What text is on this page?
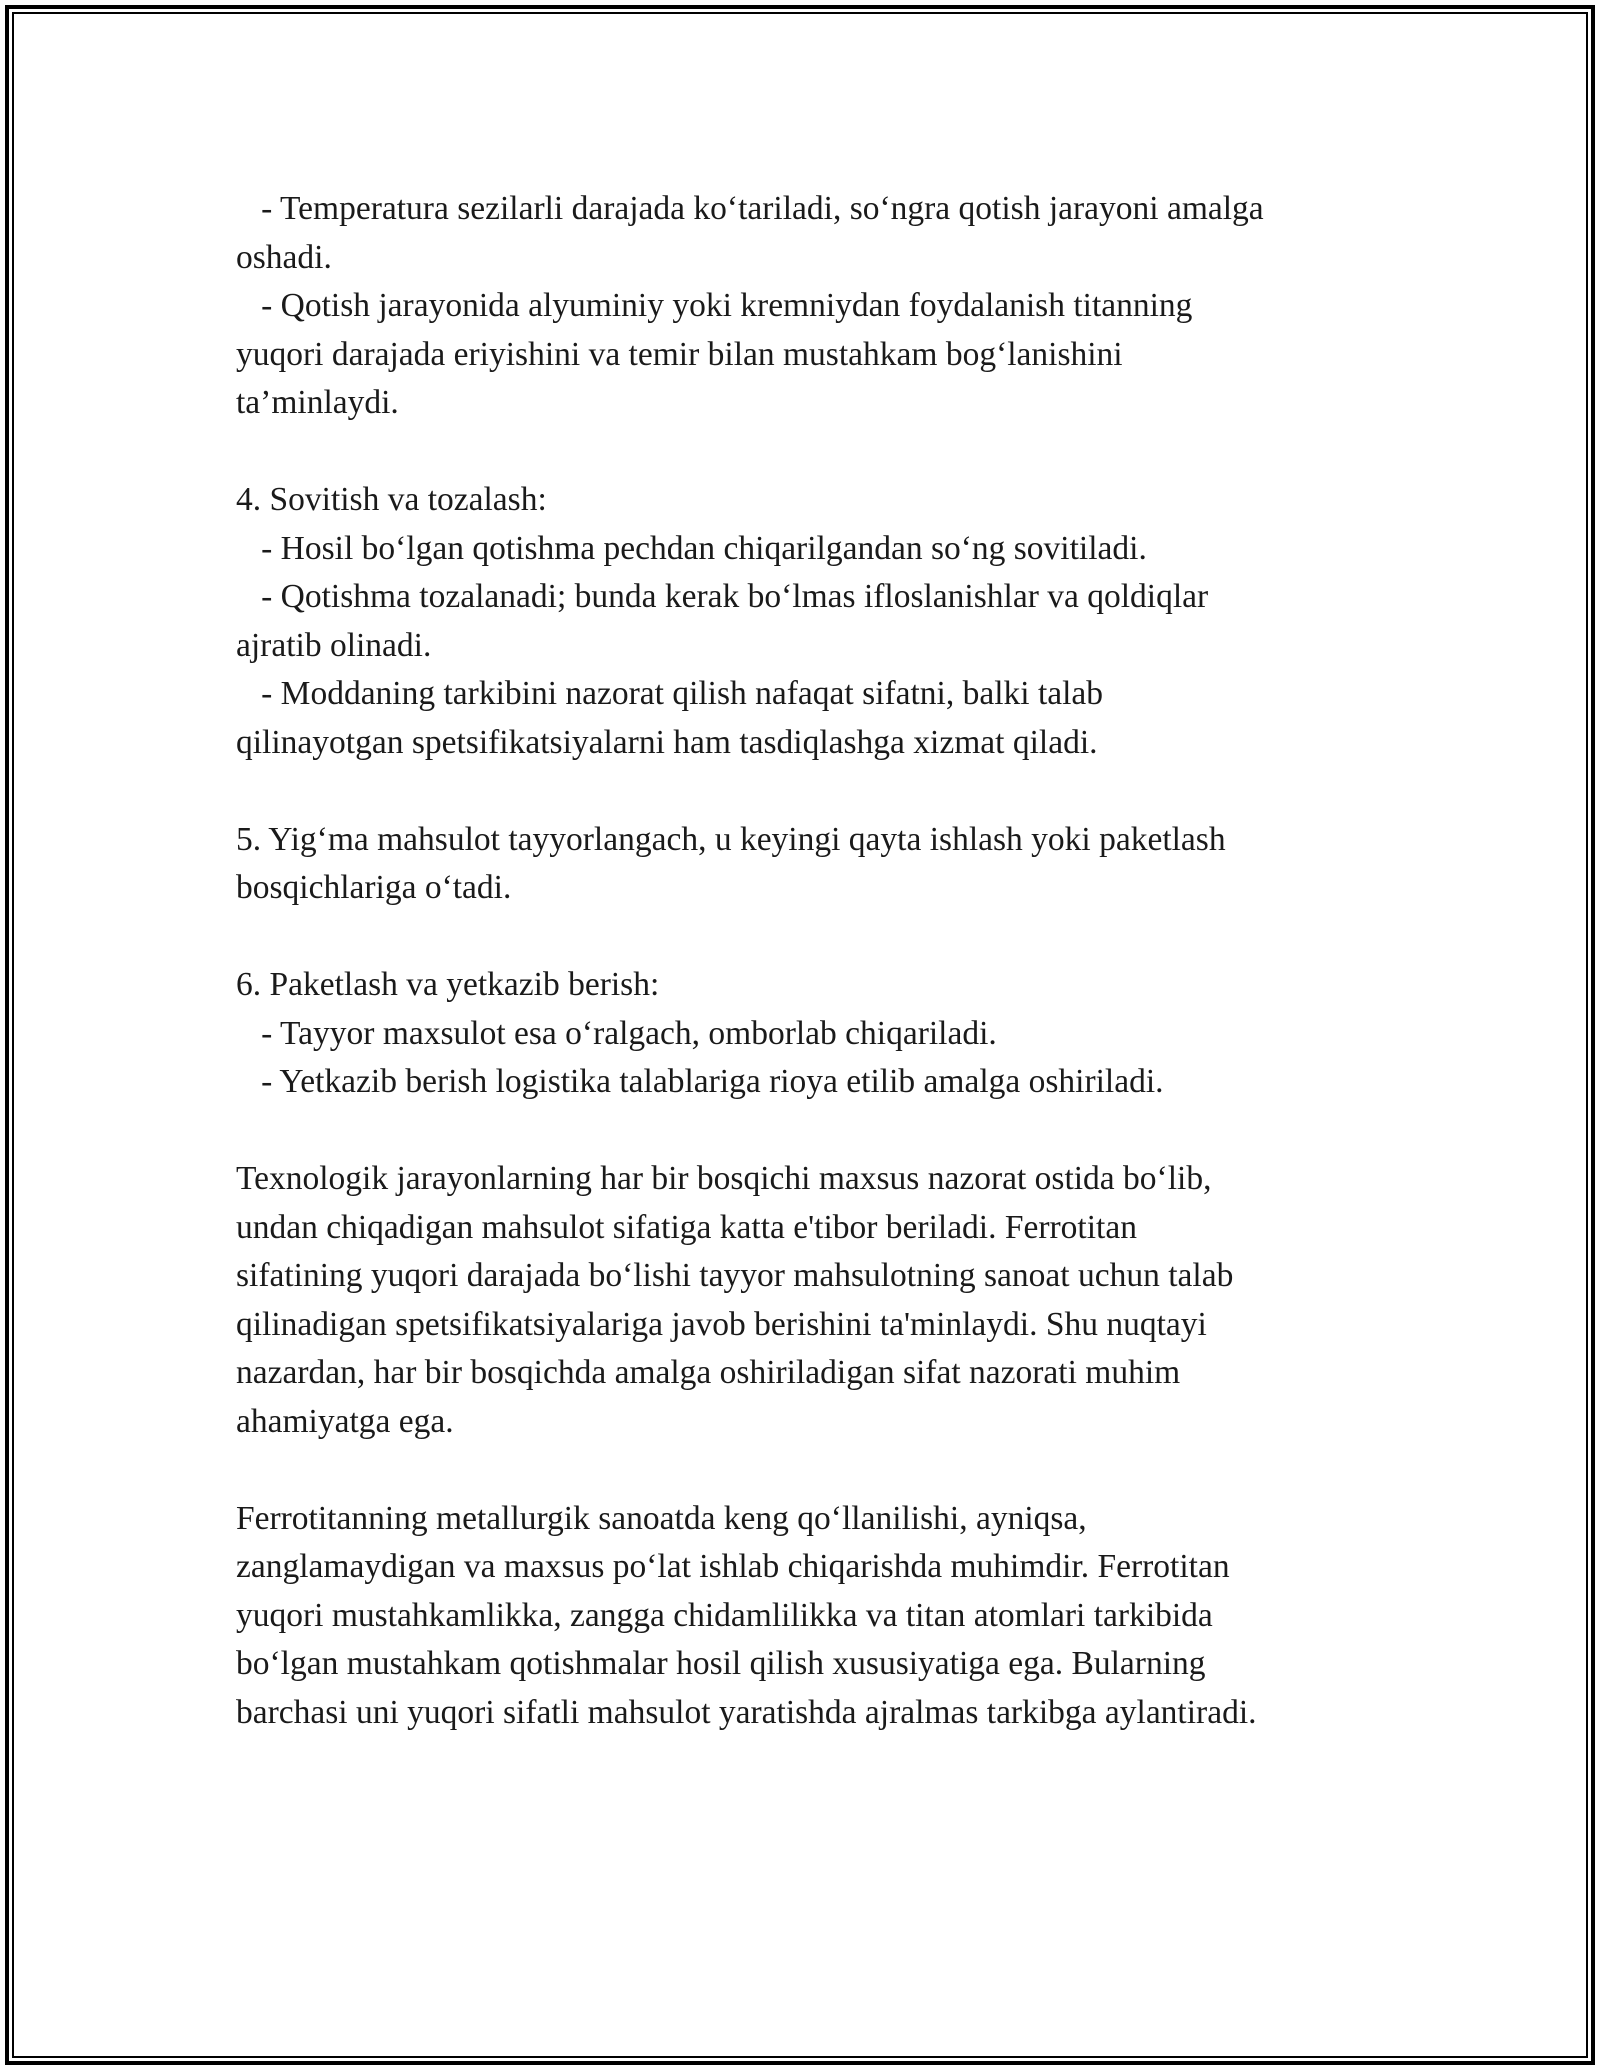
- Temperatura sezilarli darajada ko‘tariladi, so‘ngra qotish jarayoni amalga
oshadi.
- Qotish jarayonida alyuminiy yoki kremniydan foydalanish titanning
yuqori darajada eriyishini va temir bilan mustahkam bog‘lanishini
ta’minlaydi.
4. Sovitish va tozalash:
- Hosil bo‘lgan qotishma pechdan chiqarilgandan so‘ng sovitiladi.
- Qotishma tozalanadi; bunda kerak bo‘lmas ifloslanishlar va qoldiqlar
ajratib olinadi.
- Moddaning tarkibini nazorat qilish nafaqat sifatni, balki talab
qilinayotgan spetsifikatsiyalarni ham tasdiqlashga xizmat qiladi.
5. Yig‘ma mahsulot tayyorlangach, u keyingi qayta ishlash yoki paketlash
bosqichlariga o‘tadi.
6. Paketlash va yetkazib berish:
- Tayyor maxsulot esa o‘ralgach, omborlab chiqariladi.
- Yetkazib berish logistika talablariga rioya etilib amalga oshiriladi.
Texnologik jarayonlarning har bir bosqichi maxsus nazorat ostida bo‘lib,
undan chiqadigan mahsulot sifatiga katta e'tibor beriladi. Ferrotitan
sifatining yuqori darajada bo‘lishi tayyor mahsulotning sanoat uchun talab
qilinadigan spetsifikatsiyalariga javob berishini ta'minlaydi. Shu nuqtayi
nazardan, har bir bosqichda amalga oshiriladigan sifat nazorati muhim
ahamiyatga ega.
Ferrotitanning metallurgik sanoatda keng qo‘llanilishi, ayniqsa,
zanglamaydigan va maxsus po‘lat ishlab chiqarishda muhimdir. Ferrotitan
yuqori mustahkamlikka, zangga chidamlilikka va titan atomlari tarkibida
bo‘lgan mustahkam qotishmalar hosil qilish xususiyatiga ega. Bularning
barchasi uni yuqori sifatli mahsulot yaratishda ajralmas tarkibga aylantiradi.
